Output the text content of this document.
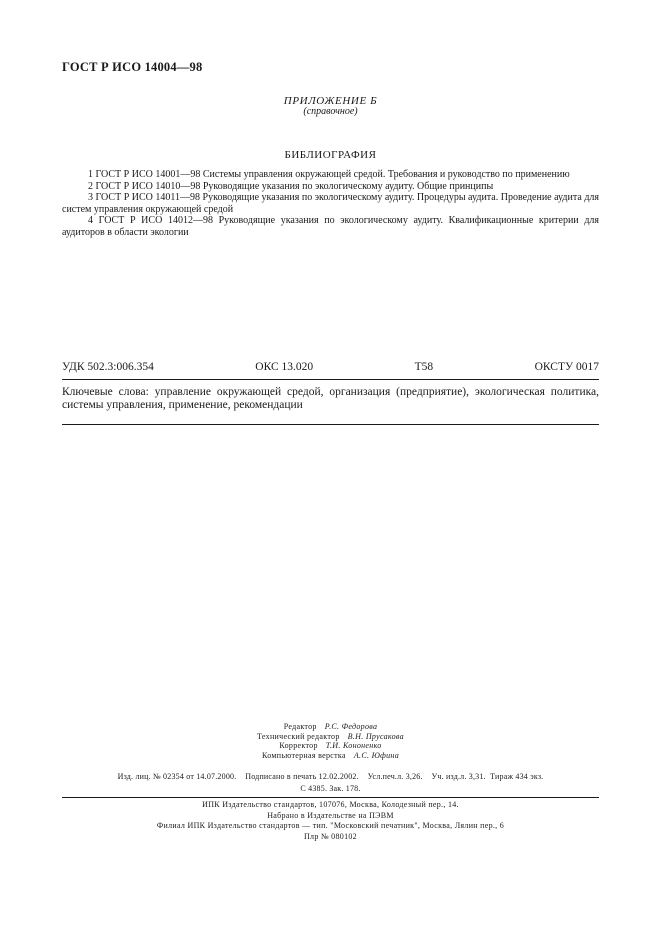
ГОСТ Р ИСО 14004—98
ПРИЛОЖЕНИЕ Б
(справочное)
БИБЛИОГРАФИЯ

1 ГОСТ Р ИСО 14001—98 Системы управления окружающей средой. Требования и руководство по применению

2 ГОСТ Р ИСО 14010—98 Руководящие указания по экологическому аудиту. Общие принципы

3 ГОСТ Р ИСО 14011—98 Руководящие указания по экологическому аудиту. Процедуры аудита. Проведение аудита для систем управления окружающей средой

4 ГОСТ Р ИСО 14012—98 Руководящие указания по экологическому аудиту. Квалификационные критерии для аудиторов в области экологии

УДК 502.3:006.354	ОКС 13.020	Т58	ОКСТУ 0017
Ключевые слова: управление окружающей средой, организация (предприятие), экологическая политика, системы управления, применение, рекомендации
Редактор Р.С. Федорова
Технический редактор В.Н. Прусакова
Корректор Т.И. Кононенко
Компьютерная верстка А.С. Юфина
Изд. лиц. № 02354 от 14.07.2000.    Подписано в печать 12.02.2002.    Усл.печ.л. 3,26.    Уч. изд.л. 3,31.  Тираж 434 экз.
С 4385. Зак. 178.
ИПК Издательство стандартов, 107076, Москва, Колодезный пер., 14.
Набрано в Издательстве на ПЭВМ
Филиал ИПК Издательство стандартов — тип. "Московский печатник", Москва, Лялин пер., 6
Плр № 080102
